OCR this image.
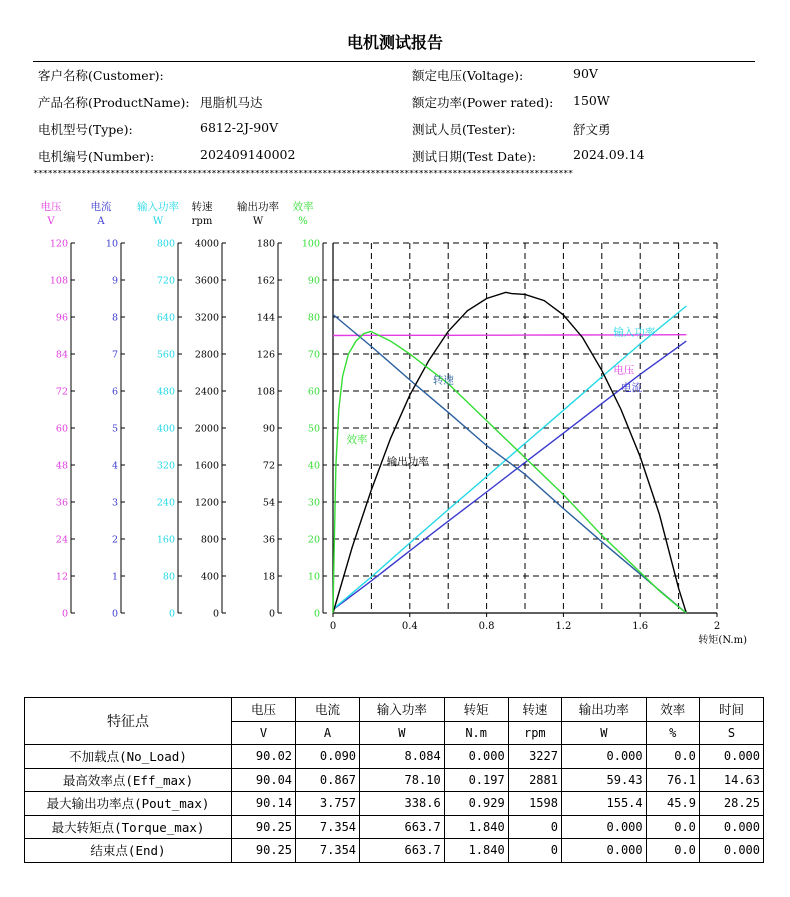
电机测试报告
客户名称(Customer):
产品名称(ProductName): 甩脂机马达
电机型号(Type):	6812-2J-90V
电机编号(Number):	202409140002
额定电压(Voltage):	90V
额定功率(Power rated): 150W
测试人员(Tester):	舒文勇
测试日期(Test Date):	2024.09.14
****************************************************************************************************************
0	0.4	0.8	1.2	1.6	2
转矩(N.m)
电压
V
0
12
24
36
48
60
72
84
96
108
120
电流
A
0
1
2
3
4
5
6
7
8
9
10
输入功率
W
0
80
160
240
320
400
480
560
640
720
800
转速
rpm
0
400
800
1200
1600
2000
2400
2800
3200
3600
4000
输出功率
W
0
18
36
54
72
90
108
126
144
162
180
效率
%
0
10
20
30
40
50
60
70
80
90
100
电压
输入功率
电流
转速
效率
输出功率
特征点	电压	电流	输入功率	转矩	转速	输出功率	效率	时间
	V	A	W	N.m	rpm	W	%	S
不加载点(No_Load)	90.02	0.090	8.084	0.000	3227	0.000	0.0	0.000
最高效率点(Eff_max)	90.04	0.867	78.10	0.197	2881	59.43	76.1	14.63
最大输出功率点(Pout_max)	90.14	3.757	338.6	0.929	1598	155.4	45.9	28.25
最大转矩点(Torque_max)	90.25	7.354	663.7	1.840	0	0.000	0.0	0.000
结束点(End)	90.25	7.354	663.7	1.840	0	0.000	0.0	0.000
